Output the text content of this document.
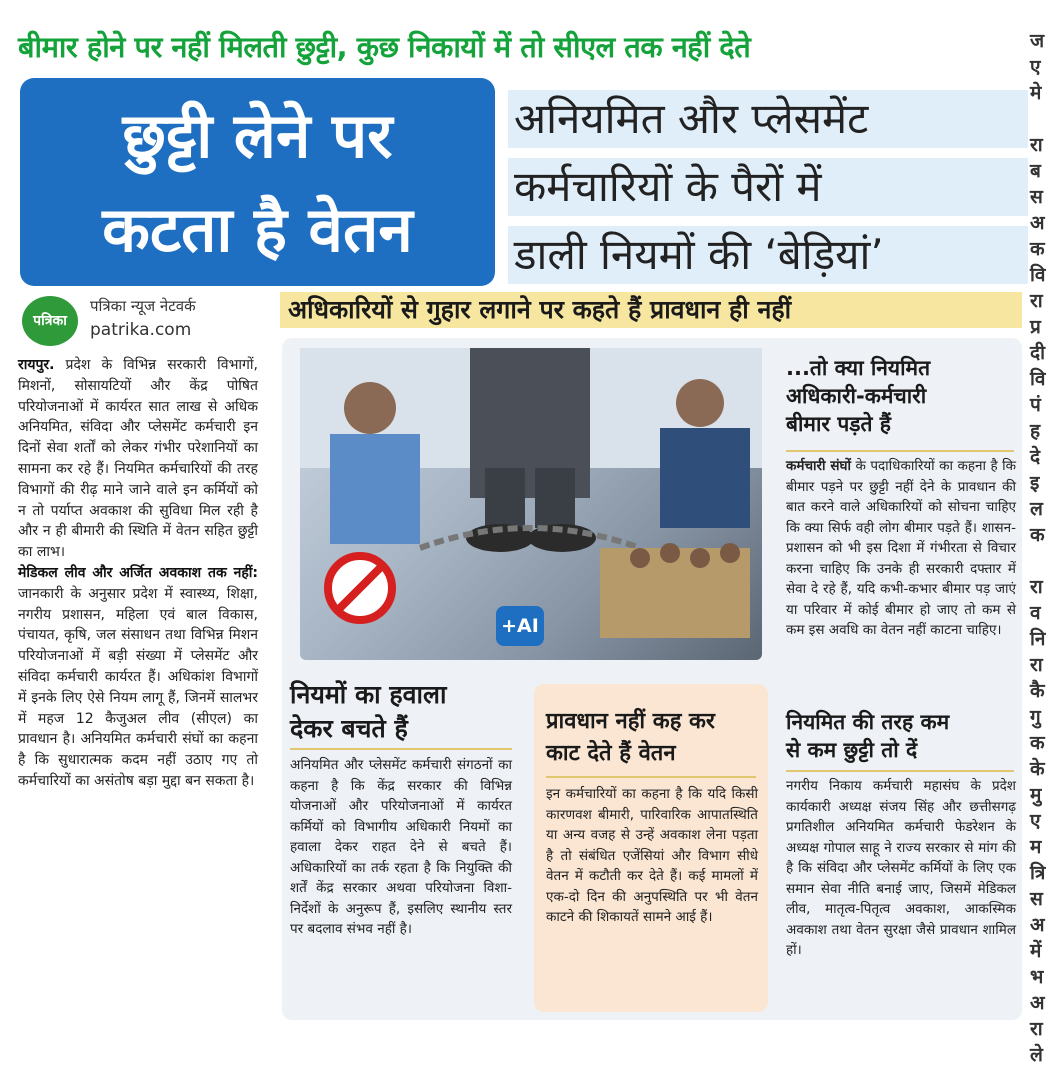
बीमार होने पर नहीं मिलती छुट्टी, कुछ निकायों में तो सीएल तक नहीं देते
छुट्टी लेने पर
कटता है वेतन
अनियमित और प्लेसमेंट
कर्मचारियों के पैरों में
डाली नियमों की ‘बेड़ियां’
पत्रिका
पत्रिका न्यूज नेटवर्क
patrika.com
अधिकारियों से गुहार लगाने पर कहते हैं प्रावधान ही नहीं
रायपुर. प्रदेश के विभिन्न सरकारी विभागों, मिशनों, सोसायटियों और केंद्र पोषित परियोजनाओं में कार्यरत सात लाख से अधिक अनियमित, संविदा और प्लेसमेंट कर्मचारी इन दिनों सेवा शर्तों को लेकर गंभीर परेशानियों का सामना कर रहे हैं। नियमित कर्मचारियों की तरह विभागों की रीढ़ माने जाने वाले इन कर्मियों को न तो पर्याप्त अवकाश की सुविधा मिल रही है और न ही बीमारी की स्थिति में वेतन सहित छुट्टी का लाभ।
मेडिकल लीव और अर्जित अवकाश तक नहीं: जानकारी के अनुसार प्रदेश में स्वास्थ्य, शिक्षा, नगरीय प्रशासन, महिला एवं बाल विकास, पंचायत, कृषि, जल संसाधन तथा विभिन्न मिशन परियोजनाओं में बड़ी संख्या में प्लेसमेंट और संविदा कर्मचारी कार्यरत हैं। अधिकांश विभागों में इनके लिए ऐसे नियम लागू हैं, जिनमें सालभर में महज 12 कैजुअल लीव (सीएल) का प्रावधान है। अनियमित कर्मचारी संघों का कहना है कि सुधारात्मक कदम नहीं उठाए गए तो कर्मचारियों का असंतोष बड़ा मुद्दा बन सकता है।
+AI
नियमों का हवाला
देकर बचते हैं
अनियमित और प्लेसमेंट कर्मचारी संगठनों का कहना है कि केंद्र सरकार की विभिन्न योजनाओं और परियोजनाओं में कार्यरत कर्मियों को विभागीय अधिकारी नियमों का हवाला देकर राहत देने से बचते हैं। अधिकारियों का तर्क रहता है कि नियुक्ति की शर्तें केंद्र सरकार अथवा परियोजना विशा-निर्देशों के अनुरूप हैं, इसलिए स्थानीय स्तर पर बदलाव संभव नहीं है।
प्रावधान नहीं कह कर
काट देते हैं वेतन
इन कर्मचारियों का कहना है कि यदि किसी कारणवश बीमारी, पारिवारिक आपातस्थिति या अन्य वजह से उन्हें अवकाश लेना पड़ता है तो संबंधित एजेंसियां और विभाग सीधे वेतन में कटौती कर देते हैं। कई मामलों में एक-दो दिन की अनुपस्थिति पर भी वेतन काटने की शिकायतें सामने आई हैं।
...तो क्या नियमित
अधिकारी-कर्मचारी
बीमार पड़ते हैं
कर्मचारी संघों के पदाधिकारियों का कहना है कि बीमार पड़ने पर छुट्टी नहीं देने के प्रावधान की बात करने वाले अधिकारियों को सोचना चाहिए कि क्या सिर्फ वही लोग बीमार पड़ते हैं। शासन-प्रशासन को भी इस दिशा में गंभीरता से विचार करना चाहिए कि उनके ही सरकारी दफ्तार में सेवा दे रहे हैं, यदि कभी-कभार बीमार पड़ जाएं या परिवार में कोई बीमार हो जाए तो कम से कम इस अवधि का वेतन नहीं काटना चाहिए।
नियमित की तरह कम
से कम छुट्टी तो दें
नगरीय निकाय कर्मचारी महासंघ के प्रदेश कार्यकारी अध्यक्ष संजय सिंह और छत्तीसगढ़ प्रगतिशील अनियमित कर्मचारी फेडरेशन के अध्यक्ष गोपाल साहू ने राज्य सरकार से मांग की है कि संविदा और प्लेसमेंट कर्मियों के लिए एक समान सेवा नीति बनाई जाए, जिसमें मेडिकल लीव, मातृत्व-पितृत्व अवकाश, आकस्मिक अवकाश तथा वेतन सुरक्षा जैसे प्रावधान शामिल हों।
ज
ए
मे
रा
ब
स
अ
क
वि
रा
प्र
दी
वि
पं
ह
दे
इ
ल
क
रा
व
नि
रा
कै
गु
क
के
मु
ए
म
त्रि
स
अ
में
भ
अ
रा
ले
